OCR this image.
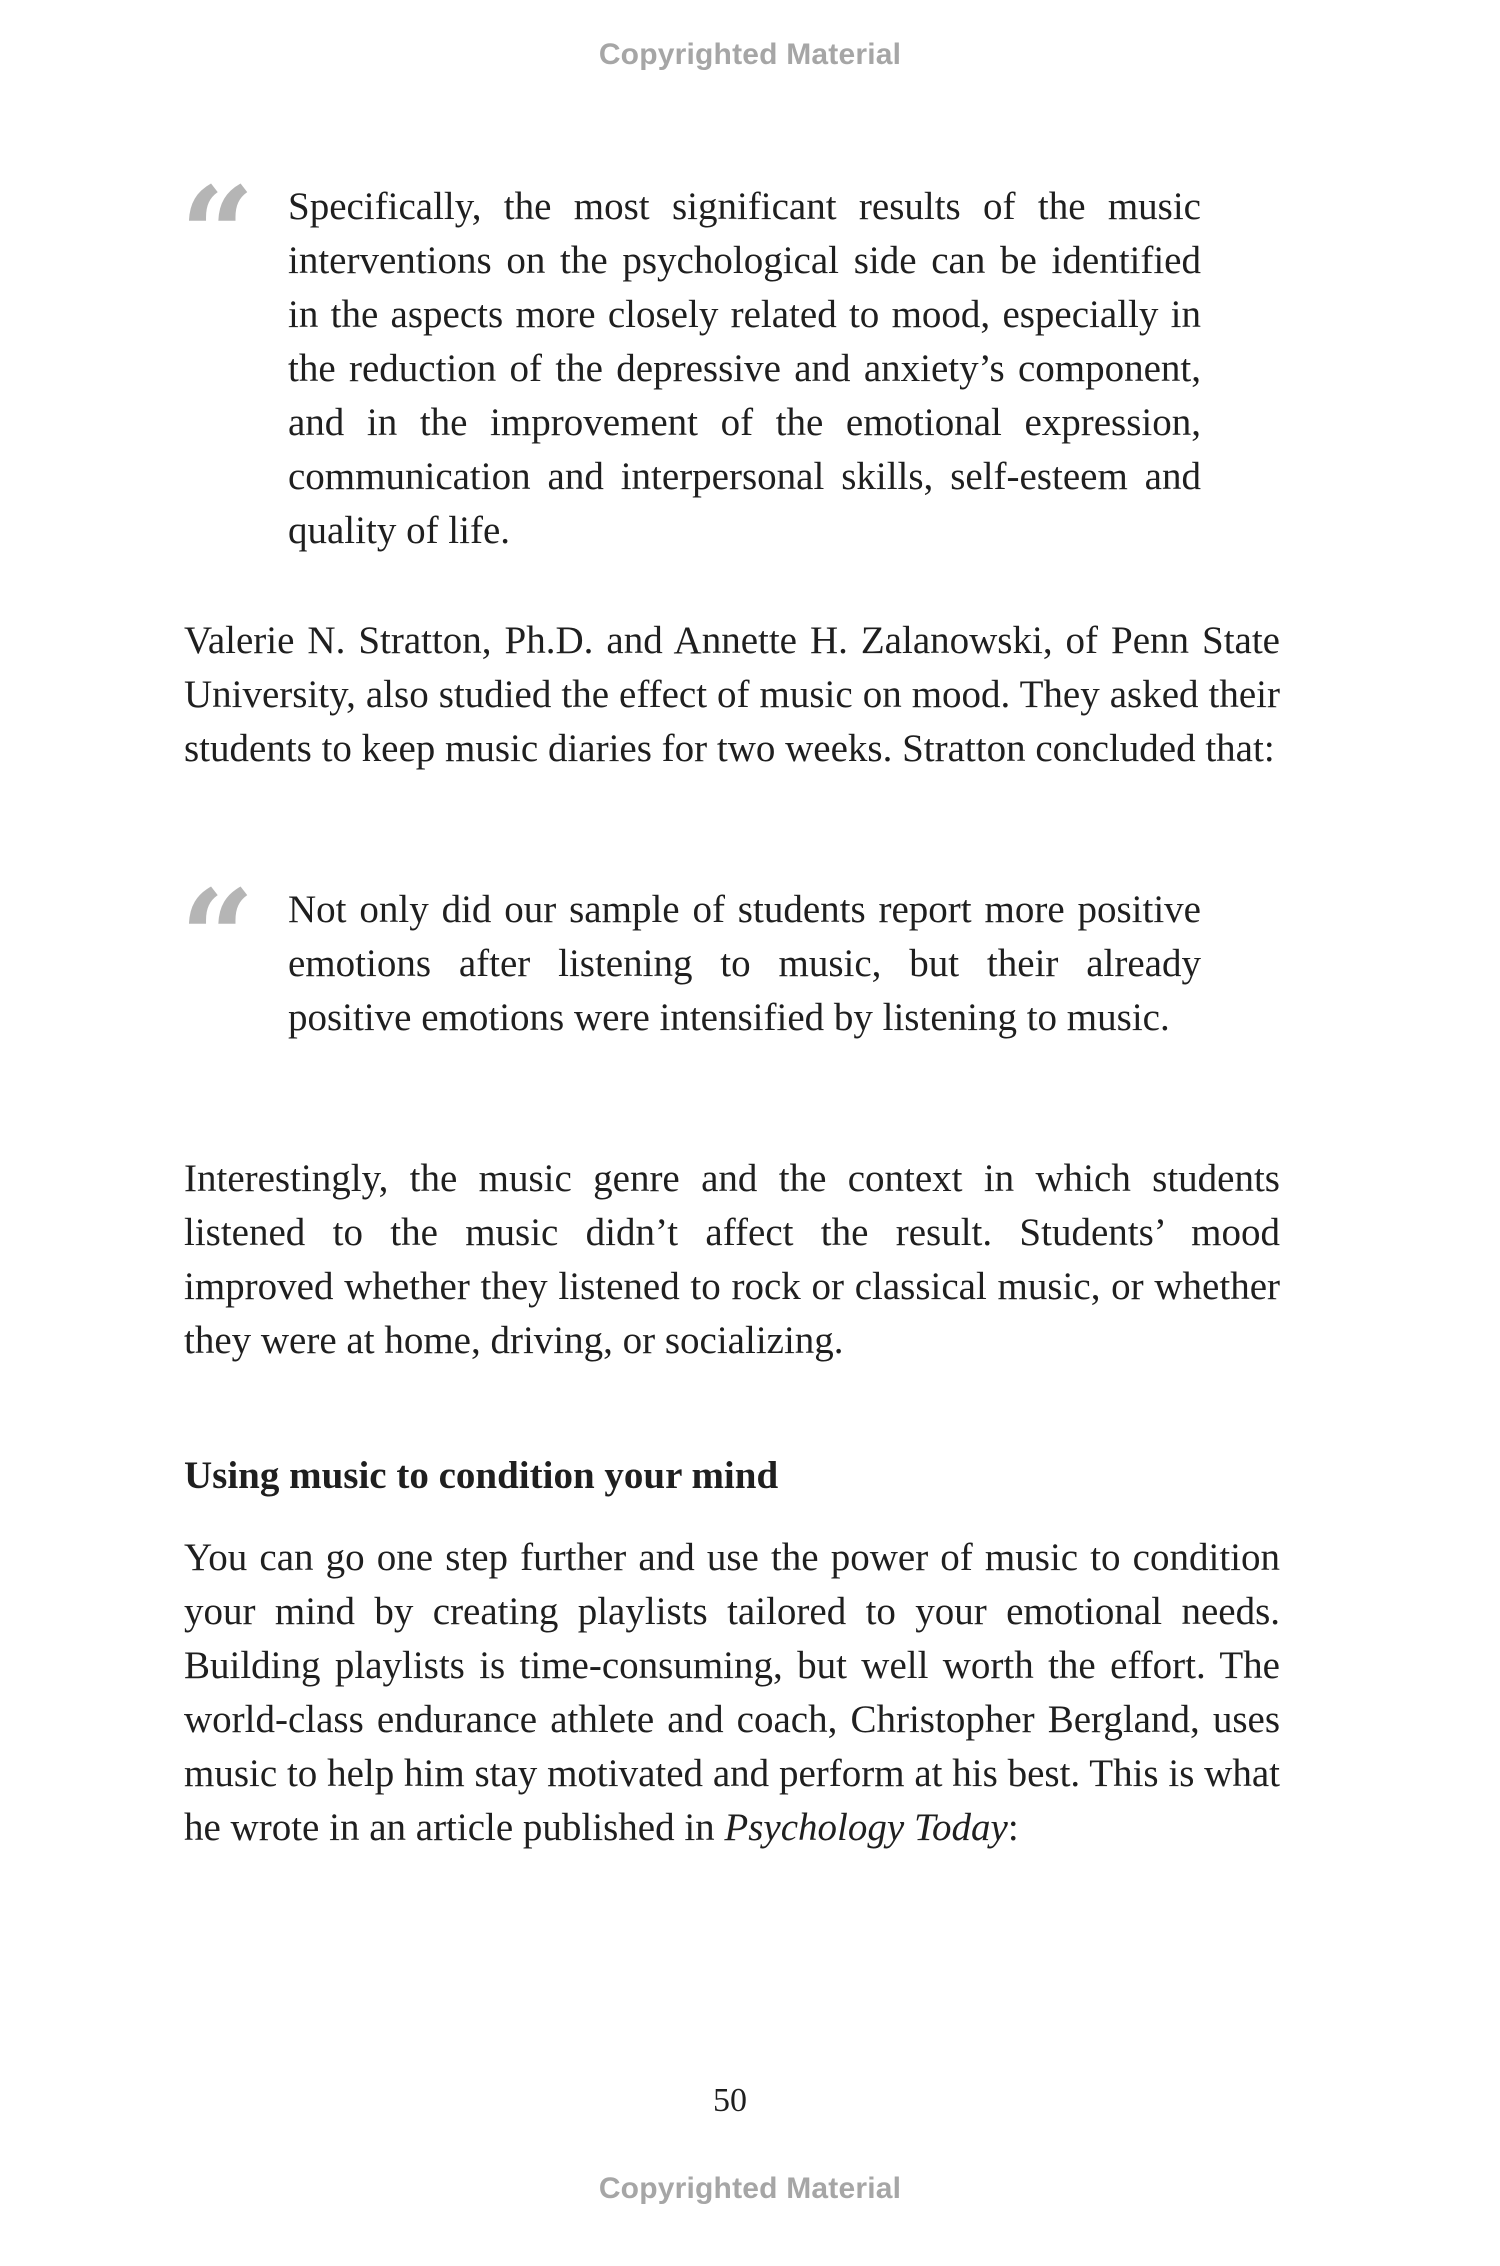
Copyrighted Material
“ Specifically, the most significant results of the music interventions on the psychological side can be identified in the aspects more closely related to mood, especially in the reduction of the depressive and anxiety’s component, and in the improvement of the emotional expression, communication and interpersonal skills, self-esteem and quality of life.

Valerie N. Stratton, Ph.D. and Annette H. Zalanowski, of Penn State University, also studied the effect of music on mood. They asked their students to keep music diaries for two weeks. Stratton concluded that:

“ Not only did our sample of students report more positive emotions after listening to music, but their already positive emotions were intensified by listening to music.

Interestingly, the music genre and the context in which students listened to the music didn’t affect the result. Students’ mood improved whether they listened to rock or classical music, or whether they were at home, driving, or socializing.

Using music to condition your mind

You can go one step further and use the power of music to condition your mind by creating playlists tailored to your emotional needs. Building playlists is time-consuming, but well worth the effort. The world-class endurance athlete and coach, Christopher Bergland, uses music to help him stay motivated and perform at his best. This is what he wrote in an article published in Psychology Today:

50
Copyrighted Material
